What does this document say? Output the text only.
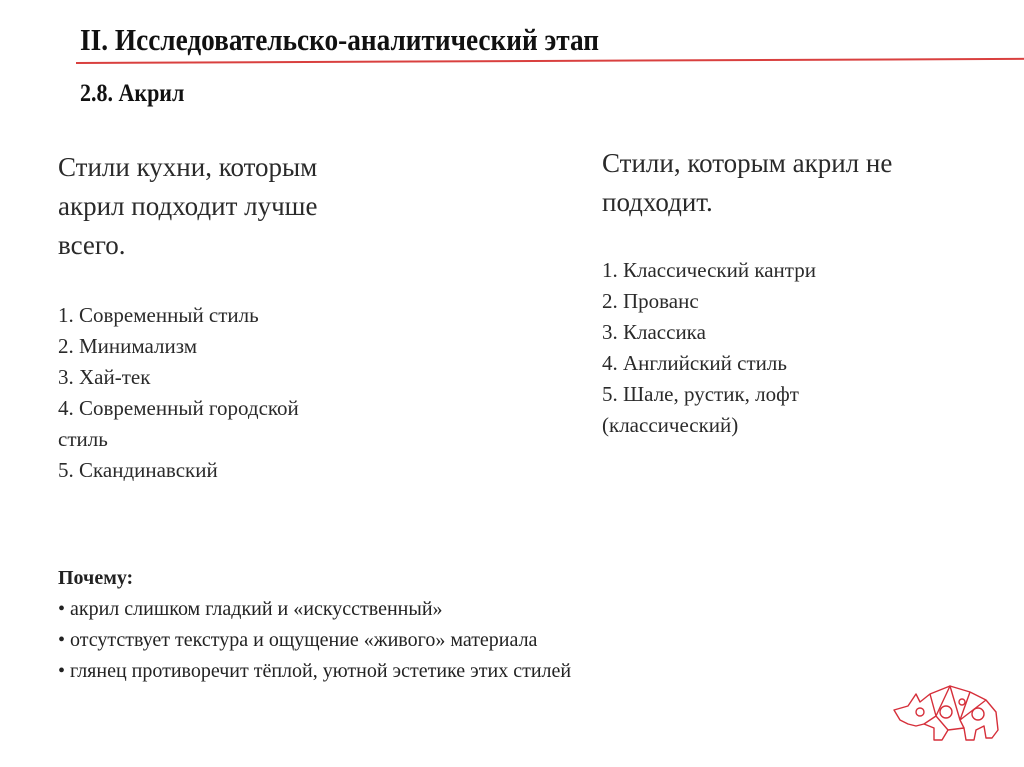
II. Исследовательско-аналитический этап
2.8. Акрил
Стили кухни, которым
акрил подходит лучше
всего.
1. Современный стиль
2. Минимализм
3. Хай-тек
4. Современный городской
стиль
5. Скандинавский
Стили, которым акрил не
подходит.
1. Классический кантри
2. Прованс
3. Классика
4. Английский стиль
5. Шале, рустик, лофт
(классический)
Почему:
• акрил слишком гладкий и «искусственный»
• отсутствует текстура и ощущение «живого» материала
• глянец противоречит тёплой, уютной эстетике этих стилей
